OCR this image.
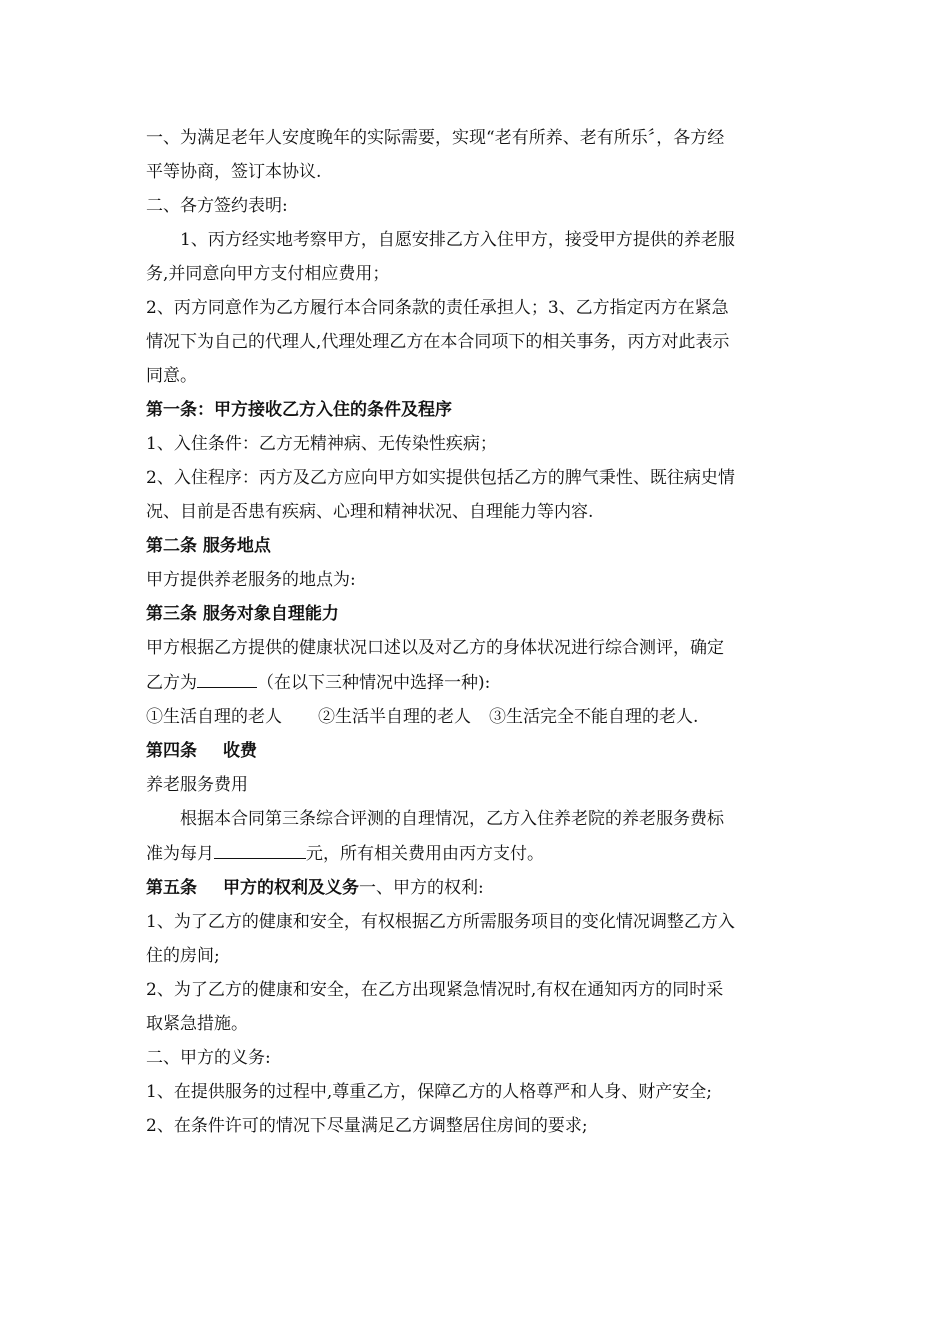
一、为满足老年人安度晚年的实际需要，实现“老有所养、老有所乐〞，各方经

平等协商，签订本协议.

二、各方签约表明:

1、丙方经实地考察甲方，自愿安排乙方入住甲方，接受甲方提供的养老服

务,并同意向甲方支付相应费用；

2、丙方同意作为乙方履行本合同条款的责任承担人；3、乙方指定丙方在紧急

情况下为自己的代理人,代理处理乙方在本合同项下的相关事务，丙方对此表示

同意。

第一条：甲方接收乙方入住的条件及程序

1、入住条件：乙方无精神病、无传染性疾病；

2、入住程序：丙方及乙方应向甲方如实提供包括乙方的脾气秉性、既往病史情

况、目前是否患有疾病、心理和精神状况、自理能力等内容.

第二条 服务地点

甲方提供养老服务的地点为:

第三条 服务对象自理能力

甲方根据乙方提供的健康状况口述以及对乙方的身体状况进行综合测评，确定

乙方为	（在以下三种情况中选择一种):

①生活自理的老人 ②生活半自理的老人 ③生活完全不能自理的老人.

第四条 收费

养老服务费用

根据本合同第三条综合评测的自理情况，乙方入住养老院的养老服务费标

准为每月	元，所有相关费用由丙方支付。

第五条 甲方的权利及义务一、甲方的权利:

1、为了乙方的健康和安全，有权根据乙方所需服务项目的变化情况调整乙方入

住的房间;

2、为了乙方的健康和安全，在乙方出现紧急情况时,有权在通知丙方的同时采

取紧急措施。

二、甲方的义务:

1、在提供服务的过程中,尊重乙方，保障乙方的人格尊严和人身、财产安全;

2、在条件许可的情况下尽量满足乙方调整居住房间的要求;
